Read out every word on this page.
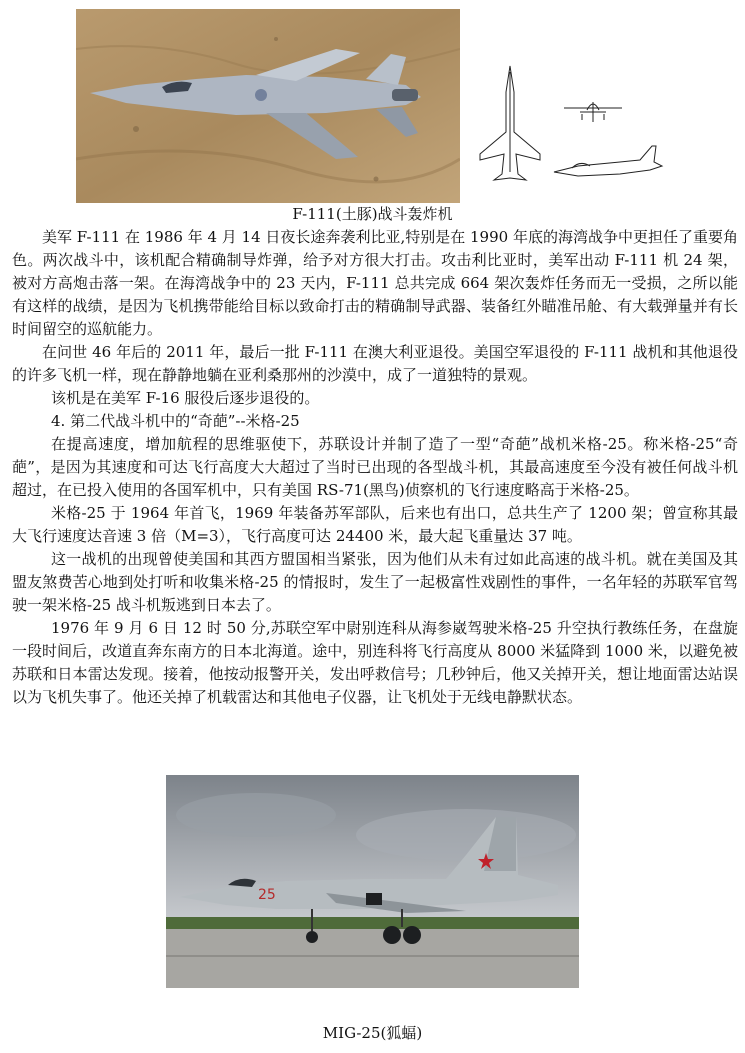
F-111(土豚)战斗轰炸机

美军 F-111 在 1986 年 4 月 14 日夜长途奔袭利比亚,特别是在 1990 年底的海湾战争中更担任了重要角色。两次战斗中，该机配合精确制导炸弹，给予对方很大打击。攻击利比亚时，美军出动 F-111 机 24 架，被对方高炮击落一架。在海湾战争中的 23 天内，F-111 总共完成 664 架次轰炸任务而无一受损，之所以能有这样的战绩，是因为飞机携带能给目标以致命打击的精确制导武器、装备红外瞄准吊舱、有大载弹量并有长时间留空的巡航能力。

在问世 46 年后的 2011 年，最后一批 F-111 在澳大利亚退役。美国空军退役的 F-111 战机和其他退役的许多飞机一样，现在静静地躺在亚利桑那州的沙漠中，成了一道独特的景观。

该机是在美军 F-16 服役后逐步退役的。

4. 第二代战斗机中的“奇葩”--米格-25

在提高速度，增加航程的思维驱使下，苏联设计并制了造了一型“奇葩”战机米格-25。称米格-25“奇葩”，是因为其速度和可达飞行高度大大超过了当时已出现的各型战斗机，其最高速度至今没有被任何战斗机超过，在已投入使用的各国军机中，只有美国 RS-71(黑鸟)侦察机的飞行速度略高于米格-25。

米格-25 于 1964 年首飞，1969 年装备苏军部队，后来也有出口，总共生产了 1200 架；曾宣称其最大飞行速度达音速 3 倍（M=3），飞行高度可达 24400 米，最大起飞重量达 37 吨。

这一战机的出现曾使美国和其西方盟国相当紧张，因为他们从未有过如此高速的战斗机。就在美国及其盟友煞费苦心地到处打听和收集米格-25 的情报时，发生了一起极富性戏剧性的事件，一名年轻的苏联军官驾驶一架米格-25 战斗机叛逃到日本去了。

1976 年 9 月 6 日 12 时 50 分,苏联空军中尉别连科从海参崴驾驶米格-25 升空执行教练任务，在盘旋一段时间后，改道直奔东南方的日本北海道。途中，别连科将飞行高度从 8000 米猛降到 1000 米，以避免被苏联和日本雷达发现。接着，他按动报警开关，发出呼救信号；几秒钟后，他又关掉开关，想让地面雷达站误以为飞机失事了。他还关掉了机载雷达和其他电子仪器，让飞机处于无线电静默状态。

25
MIG-25(狐蝠)
